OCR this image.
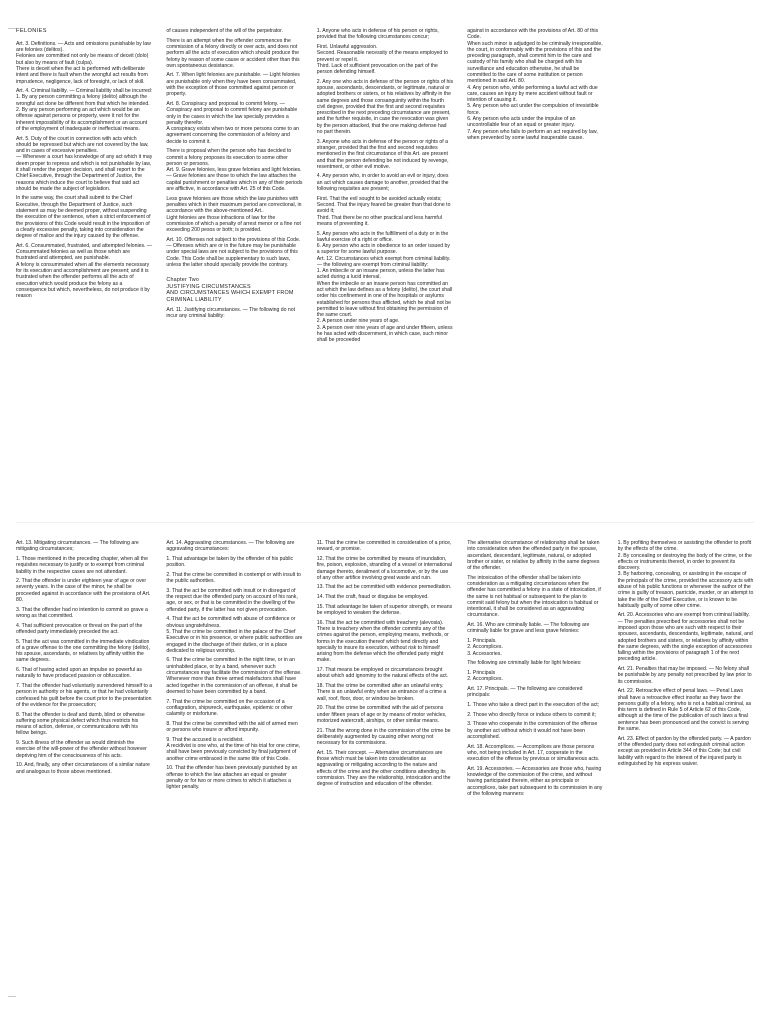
FELONIES

Art. 3. Definitions. — Acts and omissions punishable by law are felonies (delitos).
Felonies are committed not only be means of deceit (dolo) but also by means of fault (culpa).
There is deceit when the act is performed with deliberate intent and there is fault when the wrongful act results from imprudence, negligence, lack of foresight, or lack of skill.

Art. 4. Criminal liability. — Criminal liability shall be incurred:
1. By any person committing a felony (delito) although the wrongful act done be different from that which he intended.
2. By any person performing an act which would be an offense against persons or property, were it not for the inherent impossibility of its accomplishment or an account of the employment of inadequate or ineffectual means.

Art. 5. Duty of the court in connection with acts which should be repressed but which are not covered by the law, and in cases of excessive penalties.
— Whenever a court has knowledge of any act which it may deem proper to repress and which is not punishable by law, it shall render the proper decision, and shall report to the Chief Executive, through the Department of Justice, the reasons which induce the court to believe that said act should be made the subject of legislation.

In the same way, the court shall submit to the Chief Executive, through the Department of Justice, such statement as may be deemed proper, without suspending the execution of the sentence, when a strict enforcement of the provisions of this Code would result in the imposition of a clearly excessive penalty, taking into consideration the degree of malice and the injury caused by the offense.

Art. 6. Consummated, frustrated, and attempted felonies. — Consummated felonies as well as those which are frustrated and attempted, are punishable.
A felony is consummated when all the elements necessary for its execution and accomplishment are present; and it is frustrated when the offender performs all the acts of execution which would produce the felony as a consequence but which, nevertheless, do not produce it by reason

of causes independent of the will of the perpetrator.

There is an attempt when the offender commences the commission of a felony directly or over acts, and does not perform all the acts of execution which should produce the felony by reason of some cause or accident other than this own spontaneous desistance.

Art. 7. When light felonies are punishable. — Light felonies are punishable only when they have been consummated, with the exception of those committed against person or property.

Art. 8. Conspiracy and proposal to commit felony. — Conspiracy and proposal to commit felony are punishable only in the cases in which the law specially provides a penalty therefor.
A conspiracy exists when two or more persons come to an agreement concerning the commission of a felony and decide to commit it.

There is proposal when the person who has decided to commit a felony proposes its execution to some other person or persons.
Art. 9. Grave felonies, less grave felonies and light felonies. — Grave felonies are those to which the law attaches the capital punishment or penalties which in any of their periods are afflictive, in accordance with Art. 25 of this Code.

Less grave felonies are those which the law punishes with penalties which in their maximum period are correctional, in accordance with the above-mentioned Art..
Light felonies are those infractions of law for the commission of which a penalty of arrest menor or a fine not exceeding 200 pesos or both; is provided.

Art. 10. Offenses not subject to the provisions of this Code. — Offenses which are or in the future may be punishable under special laws are not subject to the provisions of this Code. This Code shall be supplementary to such laws, unless the latter should specially provide the contrary.

Chapter Two
JUSTIFYING CIRCUMSTANCES
AND CIRCUMSTANCES WHICH EXEMPT FROM CRIMINAL LIABILITY

Art. 11. Justifying circumstances. — The following do not incur any criminal liability:

1. Anyone who acts in defense of his person or rights, provided that the following circumstances concur;

First. Unlawful aggression.
Second. Reasonable necessity of the means employed to prevent or repel it.
Third. Lack of sufficient provocation on the part of the person defending himself.

2. Any one who acts in defense of the person or rights of his spouse, ascendants, descendants, or legitimate, natural or adopted brothers or sisters, or his relatives by affinity in the same degrees and those consanguinity within the fourth civil degree, provided that the first and second requisites prescribed in the next preceding circumstance are present, and the further requisite, in case the revocation was given by the person attacked, that the one making defense had no part therein.

3. Anyone who acts in defense of the person or rights of a stranger, provided that the first and second requisites mentioned in the first circumstance of this Art. are present and that the person defending be not induced by revenge, resentment, or other evil motive.

4. Any person who, in order to avoid an evil or injury, does an act which causes damage to another, provided that the following requisites are present;

First. That the evil sought to be avoided actually exists;
Second. That the injury feared be greater than that done to avoid it;
Third. That there be no other practical and less harmful means of preventing it.

5. Any person who acts in the fulfillment of a duty or in the lawful exercise of a right or office.
6. Any person who acts in obedience to an order issued by a superior for some lawful purpose.
Art. 12. Circumstances which exempt from criminal liability. — the following are exempt from criminal liability:
1. An imbecile or an insane person, unless the latter has acted during a lucid interval.
When the imbecile or an insane person has committed an act which the law defines as a felony (delito), the court shall order his confinement in one of the hospitals or asylums established for persons thus afflicted, which he shall not be permitted to leave without first obtaining the permission of the same court.
2. A person under nine years of age.
3. A person over nine years of age and under fifteen, unless he has acted with discernment, in which case, such minor shall be proceeded

against in accordance with the provisions of Art. 80 of this Code.
When such minor is adjudged to be criminally irresponsible, the court, in conformably with the provisions of this and the preceding paragraph, shall commit him to the care and custody of his family who shall be charged with his surveillance and education otherwise, he shall be committed to the care of some institution or person mentioned in said Art. 80.
4. Any person who, while performing a lawful act with due care, causes an injury by mere accident without fault or intention of causing it.
5. Any person who act under the compulsion of irresistible force.
6. Any person who acts under the impulse of an uncontrollable fear of an equal or greater injury.
7. Any person who fails to perform an act required by law, when prevented by some lawful insuperable cause.

Art. 13. Mitigating circumstances. — The following are mitigating circumstances;

1. Those mentioned in the preceding chapter, when all the requisites necessary to justify or to exempt from criminal liability in the respective cases are not attendant.

2. That the offender is under eighteen year of age or over seventy years. In the case of the minor, he shall be proceeded against in accordance with the provisions of Art. 80.

3. That the offender had no intention to commit so grave a wrong as that committed.

4. That sufficient provocation or threat on the part of the offended party immediately preceded the act.

5. That the act was committed in the immediate vindication of a grave offense to the one committing the felony (delito), his spouse, ascendants, or relatives by affinity within the same degrees.

6. That of having acted upon an impulse so powerful as naturally to have produced passion or obfuscation.

7. That the offender had voluntarily surrendered himself to a person in authority or his agents, or that he had voluntarily confessed his guilt before the court prior to the presentation of the evidence for the prosecution;

8. That the offender is deaf and dumb, blind or otherwise suffering some physical defect which thus restricts his means of action, defense, or communications with his fellow beings.

9. Such illness of the offender as would diminish the exercise of the will-power of the offender without however depriving him of the consciousness of his acts.

10. And, finally, any other circumstances of a similar nature and analogous to those above mentioned.

Art. 14. Aggravating circumstances. — The following are aggravating circumstances:

1. That advantage be taken by the offender of his public position.

2. That the crime be committed in contempt or with insult to the public authorities.

3. That the act be committed with insult or in disregard of the respect due the offended party on account of his rank, age, or sex, or that is be committed in the dwelling of the offended party, if the latter has not given provocation.

4. That the act be committed with abuse of confidence or obvious ungratefulness.
5. That the crime be committed in the palace of the Chief Executive or in his presence, or where public authorities are engaged in the discharge of their duties, or in a place dedicated to religious worship.

6. That the crime be committed in the night time, or in an uninhabited place, or by a band, whenever such circumstances may facilitate the commission of the offense.
Whenever more than three armed malefactors shall have acted together in the commission of an offense, it shall be deemed to have been committed by a band.

7. That the crime be committed on the occasion of a conflagration, shipwreck, earthquake, epidemic or other calamity or misfortune.

8. That the crime be committed with the aid of armed men or persons who insure or afford impunity.

9. That the accused is a recidivist.
A recidivist is one who, at the time of his trial for one crime, shall have been previously convicted by final judgment of another crime embraced in the same title of this Code.

10. That the offender has been previously punished by an offense to which the law attaches an equal or greater penalty or for two or more crimes to which it attaches a lighter penalty.

11. That the crime be committed in consideration of a price, reward, or promise.

12. That the crime be committed by means of inundation, fire, poison, explosion, stranding of a vessel or international damage thereto, derailment of a locomotive, or by the use of any other artifice involving great waste and ruin.

13. That the act be committed with evidence premeditation.

14. That the craft, fraud or disguise be employed.

15. That advantage be taken of superior strength, or means be employed to weaken the defense.

16. That the act be committed with treachery (alevosia).
There is treachery when the offender commits any of the crimes against the person, employing means, methods, or forms in the execution thereof which tend directly and specially to insure its execution, without risk to himself arising from the defense which the offended party might make.

17. That means be employed or circumstances brought about which add ignominy to the natural effects of the act.

18. That the crime be committed after an unlawful entry.
There is an unlawful entry when an entrance of a crime a wall, roof, floor, door, or window be broken.

20. That the crime be committed with the aid of persons under fifteen years of age or by means of motor vehicles, motorized watercraft, airships, or other similar means.

21. That the wrong done in the commission of the crime be deliberately augmented by causing other wrong not necessary for its commissions.

Art. 15. Their concept. — Alternative circumstances are those which must be taken into consideration as aggravating or mitigating according to the nature and effects of the crime and the other conditions attending its commission. They are the relationship, intoxication and the degree of instruction and education of the offender.

The alternative circumstance of relationship shall be taken into consideration when the offended party in the spouse, ascendant, descendant, legitimate, natural, or adopted brother or sister, or relative by affinity in the same degrees of the offender.

The intoxication of the offender shall be taken into consideration as a mitigating circumstances when the offender has committed a felony in a state of intoxication, if the same is not habitual or subsequent to the plan to commit said felony but when the intoxication is habitual or intentional, it shall be considered as an aggravating circumstance.

Art. 16. Who are criminally liable. — The following are criminally liable for grave and less grave felonies:

1. Principals.
2. Accomplices.
3. Accessories.

The following are criminally liable for light felonies:

1. Principals
2. Accomplices.

Art. 17. Principals. — The following are considered principals:

1. Those who take a direct part in the execution of the act;

2. Those who directly force or induce others to commit it;

3. Those who cooperate in the commission of the offense by another act without which it would not have been accomplished.

Art. 18. Accomplices. — Accomplices are those persons who, not being included in Art. 17, cooperate in the execution of the offense by previous or simultaneous acts.

Art. 19. Accessories. — Accessories are those who, having knowledge of the commission of the crime, and without having participated therein, either as principals or accomplices, take part subsequent to its commission in any of the following manners:

1. By profiting themselves or assisting the offender to profit by the effects of the crime.
2. By concealing or destroying the body of the crime, or the effects or instruments thereof, in order to prevent its discovery.
3. By harboring, concealing, or assisting in the escape of the principals of the crime, provided the accessory acts with abuse of his public functions or whenever the author of the crime is guilty of treason, parricide, murder, or an attempt to take the life of the Chief Executive, or is known to be habitually guilty of some other crime.

Art. 20. Accessories who are exempt from criminal liability. — The penalties prescribed for accessories shall not be imposed upon those who are such with respect to their spouses, ascendants, descendants, legitimate, natural, and adopted brothers and sisters, or relatives by affinity within the same degrees, with the single exception of accessories falling within the provisions of paragraph 1 of the next preceding article.

Art. 21. Penalties that may be imposed. — No felony shall be punishable by any penalty not prescribed by law prior to its commission.

Art. 22. Retroactive effect of penal laws. — Penal Laws shall have a retroactive effect insofar as they favor the persons guilty of a felony, who is not a habitual criminal, as this term is defined in Rule 5 of Article 62 of this Code, although at the time of the publication of such laws a final sentence has been pronounced and the convict is serving the same.

Art. 23. Effect of pardon by the offended party. — A pardon of the offended party does not extinguish criminal action except as provided in Article 344 of this Code; but civil liability with regard to the interest of the injured party is extinguished by his express waiver.
